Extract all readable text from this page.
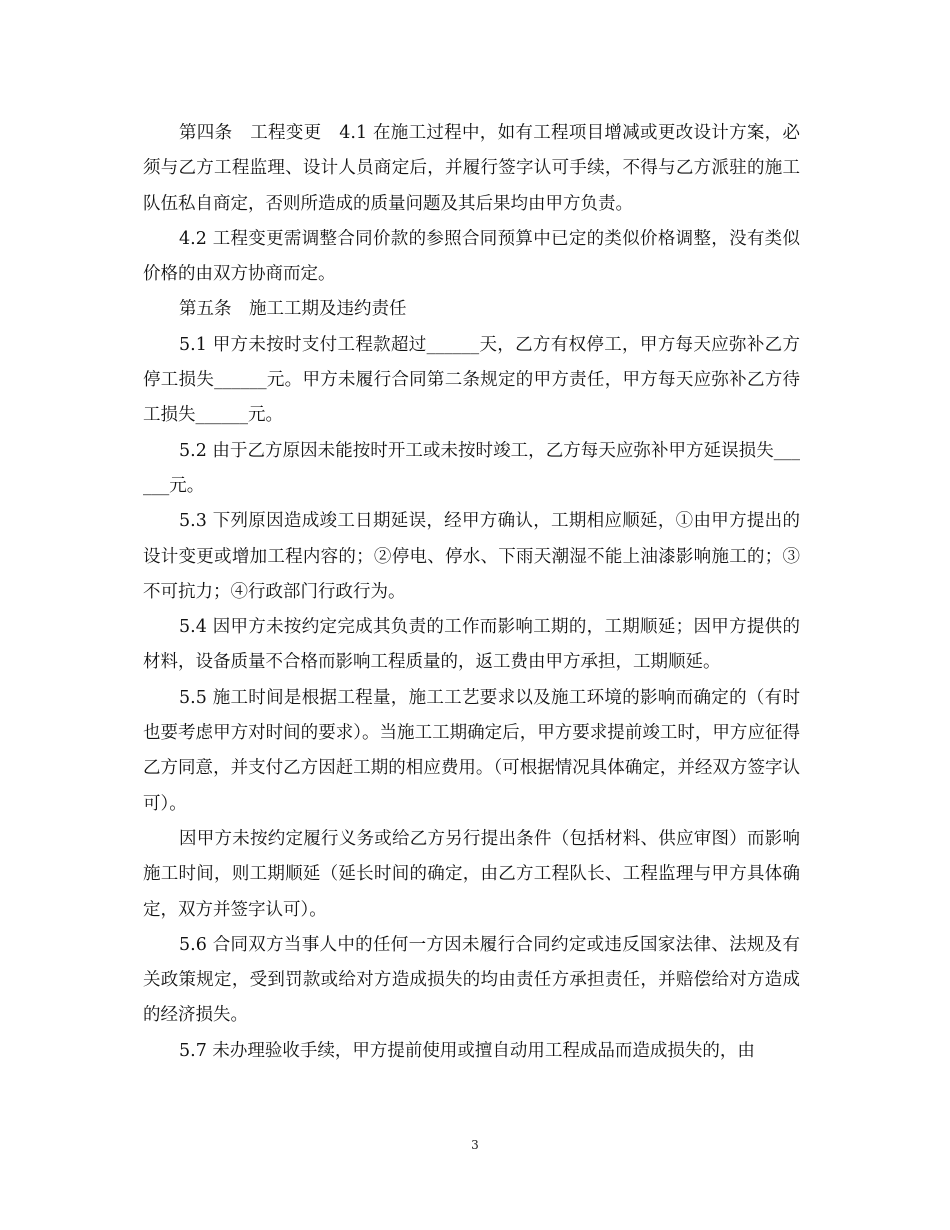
第四条　工程变更　4.1 在施工过程中，如有工程项目增减或更改设计方案，必须与乙方工程监理、设计人员商定后，并履行签字认可手续，不得与乙方派驻的施工队伍私自商定，否则所造成的质量问题及其后果均由甲方负责。

4.2 工程变更需调整合同价款的参照合同预算中已定的类似价格调整，没有类似价格的由双方协商而定。

第五条　施工工期及违约责任

5.1 甲方未按时支付工程款超过______天，乙方有权停工，甲方每天应弥补乙方停工损失______元。甲方未履行合同第二条规定的甲方责任，甲方每天应弥补乙方待工损失______元。

5.2 由于乙方原因未能按时开工或未按时竣工，乙方每天应弥补甲方延误损失______元。

5.3 下列原因造成竣工日期延误，经甲方确认，工期相应顺延，①由甲方提出的设计变更或增加工程内容的；②停电、停水、下雨天潮湿不能上油漆影响施工的；③不可抗力；④行政部门行政行为。

5.4 因甲方未按约定完成其负责的工作而影响工期的，工期顺延；因甲方提供的材料，设备质量不合格而影响工程质量的，返工费由甲方承担，工期顺延。

5.5 施工时间是根据工程量，施工工艺要求以及施工环境的影响而确定的（有时也要考虑甲方对时间的要求）。当施工工期确定后，甲方要求提前竣工时，甲方应征得乙方同意，并支付乙方因赶工期的相应费用。（可根据情况具体确定，并经双方签字认可）。

因甲方未按约定履行义务或给乙方另行提出条件（包括材料、供应审图）而影响施工时间，则工期顺延（延长时间的确定，由乙方工程队长、工程监理与甲方具体确定，双方并签字认可）。

5.6 合同双方当事人中的任何一方因未履行合同约定或违反国家法律、法规及有关政策规定，受到罚款或给对方造成损失的均由责任方承担责任，并赔偿给对方造成的经济损失。

5.7 未办理验收手续，甲方提前使用或擅自动用工程成品而造成损失的，由

3
